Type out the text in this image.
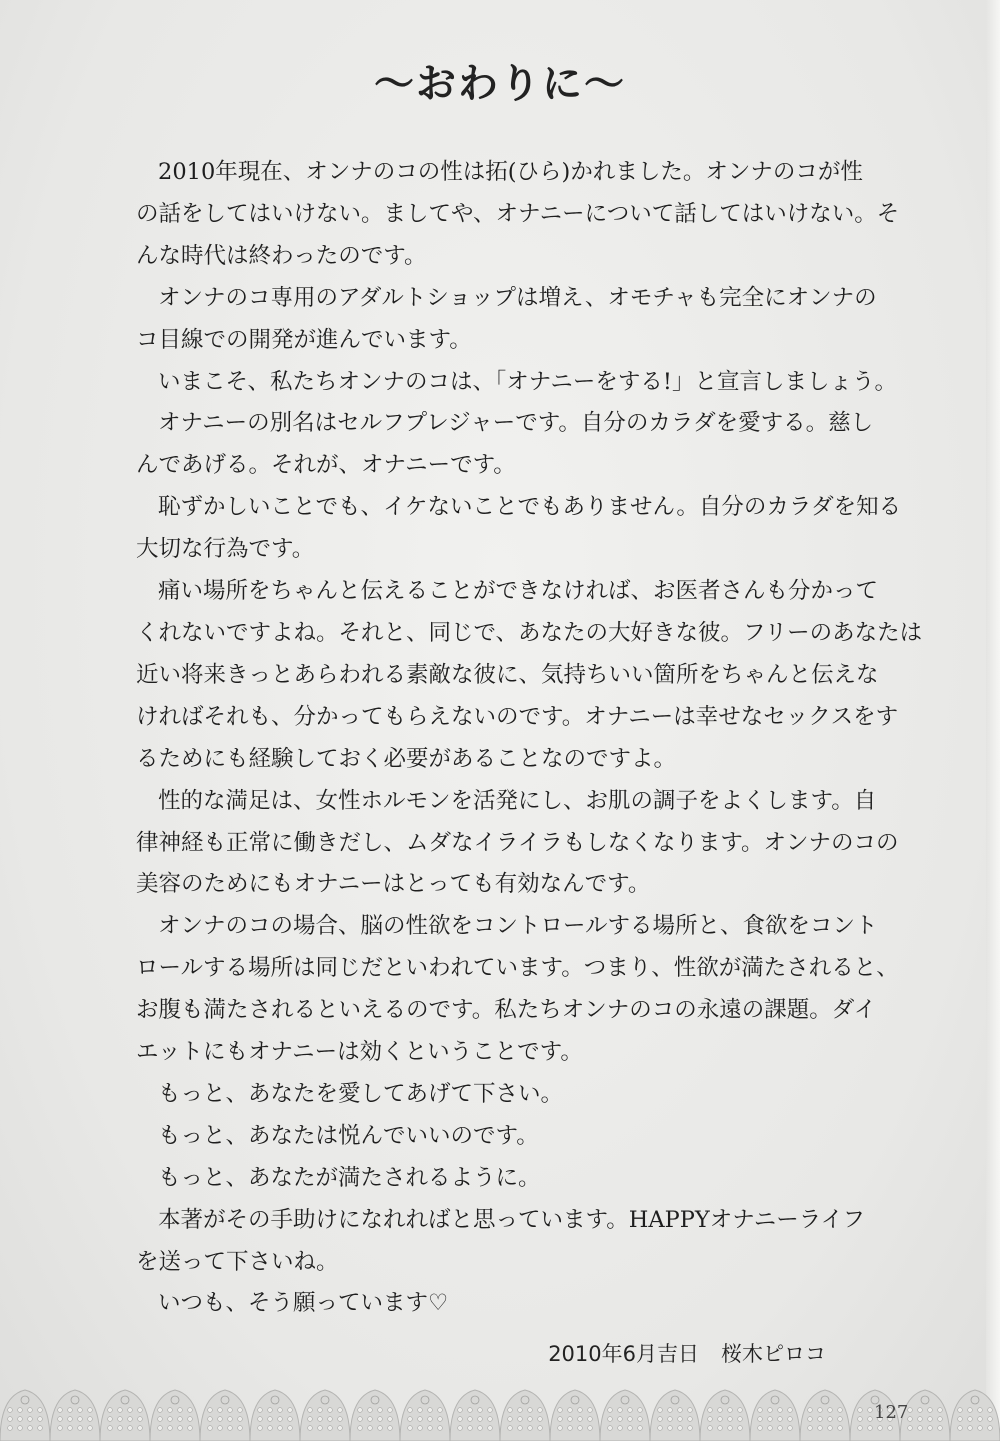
〜おわりに〜
2010年現在、オンナのコの性は拓(ひら)かれました。オンナのコが性
の話をしてはいけない。ましてや、オナニーについて話してはいけない。そ
んな時代は終わったのです。
オンナのコ専用のアダルトショップは増え、オモチャも完全にオンナの
コ目線での開発が進んでいます。
いまこそ、私たちオンナのコは、「オナニーをする!」と宣言しましょう。
オナニーの別名はセルフプレジャーです。自分のカラダを愛する。慈し
んであげる。それが、オナニーです。
恥ずかしいことでも、イケないことでもありません。自分のカラダを知る
大切な行為です。
痛い場所をちゃんと伝えることができなければ、お医者さんも分かって
くれないですよね。それと、同じで、あなたの大好きな彼。フリーのあなたは
近い将来きっとあらわれる素敵な彼に、気持ちいい箇所をちゃんと伝えな
ければそれも、分かってもらえないのです。オナニーは幸せなセックスをす
るためにも経験しておく必要があることなのですよ。
性的な満足は、女性ホルモンを活発にし、お肌の調子をよくします。自
律神経も正常に働きだし、ムダなイライラもしなくなります。オンナのコの
美容のためにもオナニーはとっても有効なんです。
オンナのコの場合、脳の性欲をコントロールする場所と、食欲をコント
ロールする場所は同じだといわれています。つまり、性欲が満たされると、
お腹も満たされるといえるのです。私たちオンナのコの永遠の課題。ダイ
エットにもオナニーは効くということです。
もっと、あなたを愛してあげて下さい。
もっと、あなたは悦んでいいのです。
もっと、あなたが満たされるように。
本著がその手助けになれればと思っています。HAPPYオナニーライフ
を送って下さいね。
いつも、そう願っています♡
2010年6月吉日 桜木ピロコ
127
